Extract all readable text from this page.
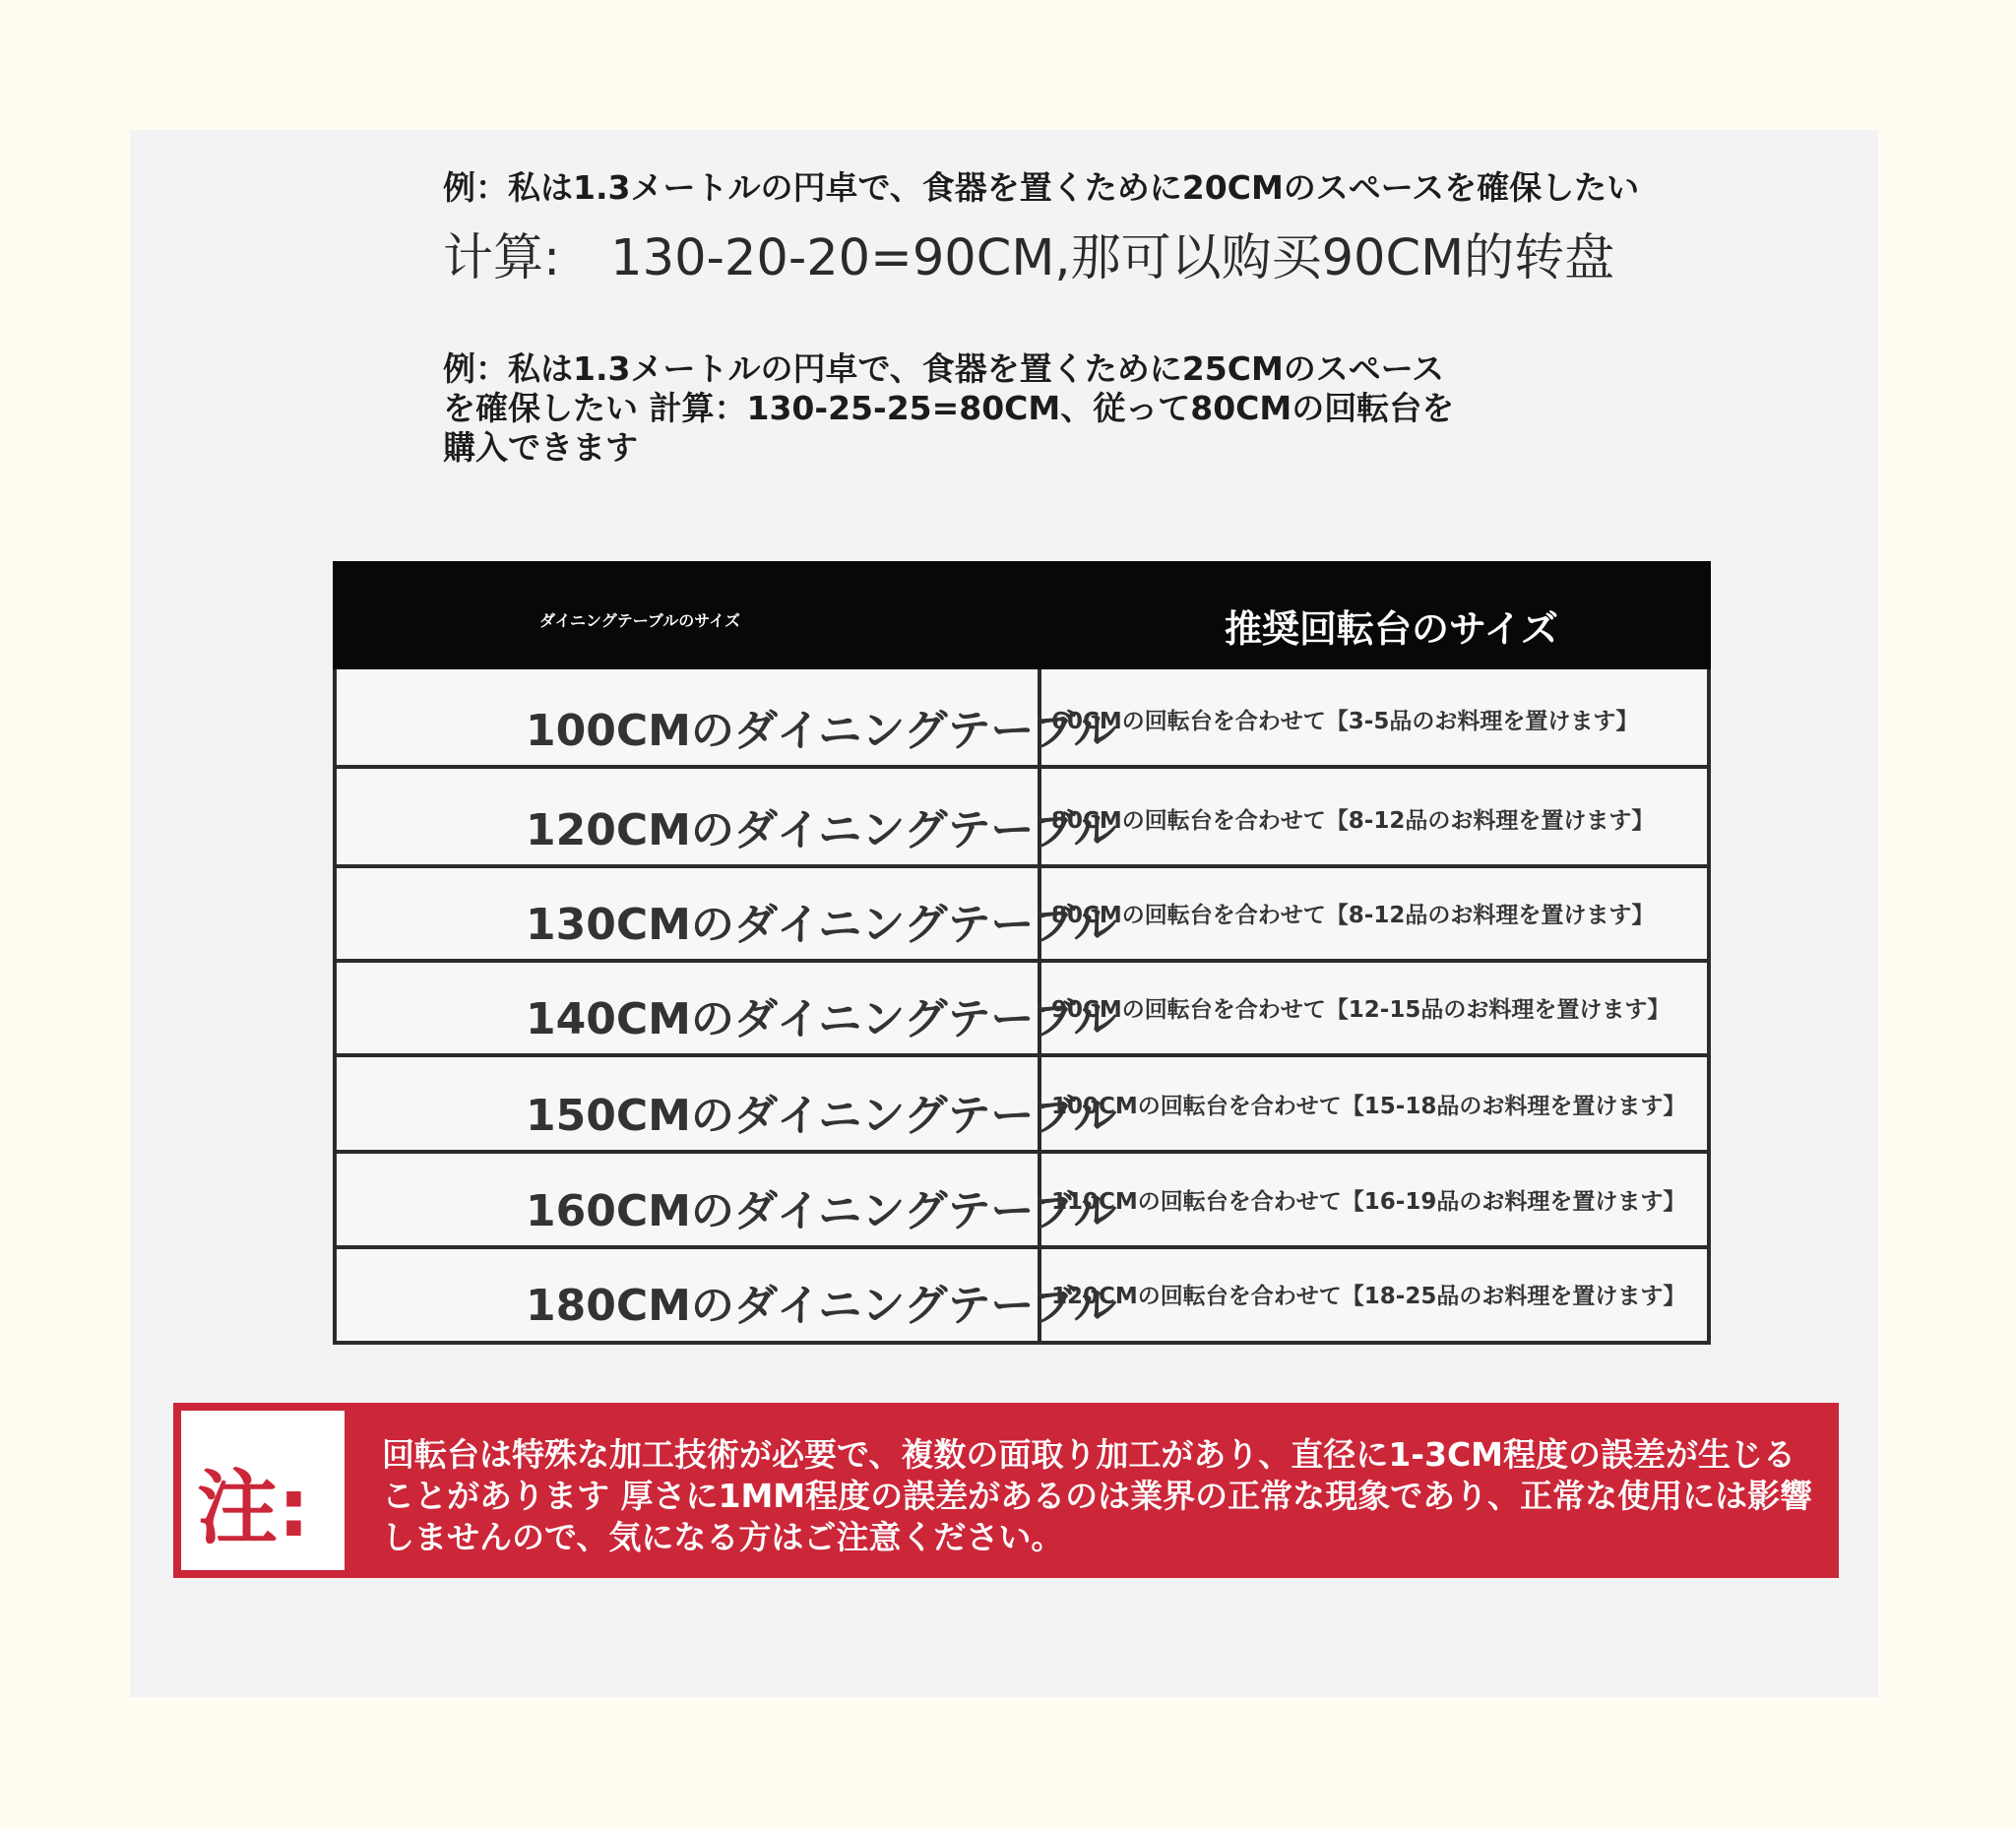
例：私は1.3メートルの円卓で、食器を置くために20CMのスペースを確保したい
计算:　130-20-20=90CM,那可以购买90CM的转盘
例：私は1.3メートルの円卓で、食器を置くために25CMのスペースを確保したい 計算：130-25-25=80CM、従って80CMの回転台を購入できます
ダイニングテーブルのサイズ	推奨回転台のサイズ
100CMのダイニングテーブル
60CMの回転台を合わせて【3-5品のお料理を置けます】
120CMのダイニングテーブル
80CMの回転台を合わせて【8-12品のお料理を置けます】
130CMのダイニングテーブル
80CMの回転台を合わせて【8-12品のお料理を置けます】
140CMのダイニングテーブル
90CMの回転台を合わせて【12-15品のお料理を置けます】
150CMのダイニングテーブル
100CMの回転台を合わせて【15-18品のお料理を置けます】
160CMのダイニングテーブル
110CMの回転台を合わせて【16-19品のお料理を置けます】
180CMのダイニングテーブル
120CMの回転台を合わせて【18-25品のお料理を置けます】
注:
回転台は特殊な加工技術が必要で、複数の面取り加工があり、直径に1-3CM程度の誤差が生じることがあります 厚さに1MM程度の誤差があるのは業界の正常な現象であり、正常な使用には影響しませんので、気になる方はご注意ください。
